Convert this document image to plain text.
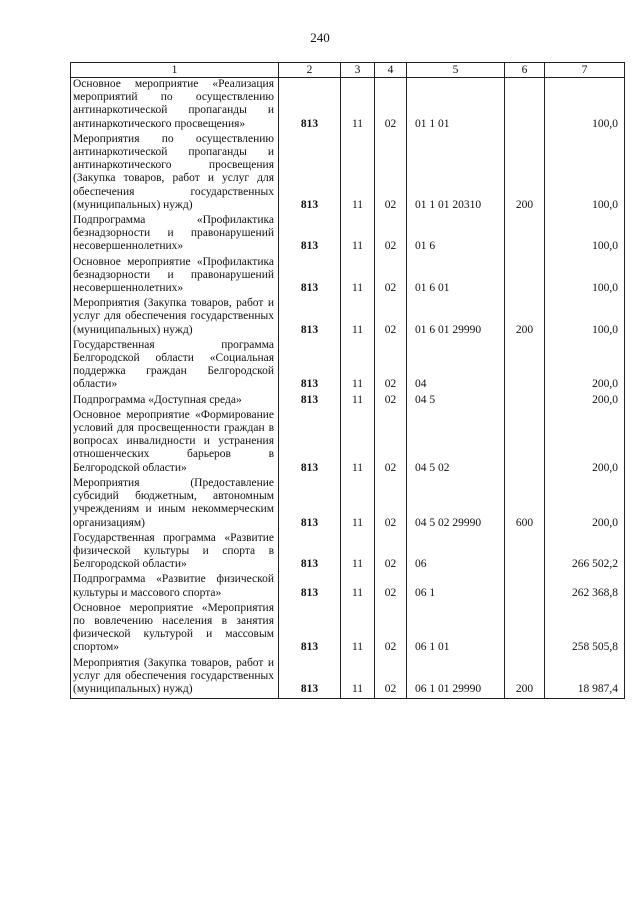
240
1	2	3	4	5	6	7
Основное мероприятие «Реализация мероприятий по осуществлению антинаркотической пропаганды и антинаркотического просвещения»	813	11	02	01 1 01		100,0
Мероприятия по осуществлению антинаркотической пропаганды и антинаркотического просвещения (Закупка товаров, работ и услуг для обеспечения государственных (муниципальных) нужд)	813	11	02	01 1 01 20310	200	100,0
Подпрограмма «Профилактика безнадзорности и правонарушений несовершеннолетних»	813	11	02	01 6		100,0
Основное мероприятие «Профилактика безнадзорности и правонарушений несовершеннолетних»	813	11	02	01 6 01		100,0
Мероприятия (Закупка товаров, работ и услуг для обеспечения государственных (муниципальных) нужд)	813	11	02	01 6 01 29990	200	100,0
Государственная программа Белгородской области «Социальная поддержка граждан Белгородской области»	813	11	02	04		200,0
Подпрограмма «Доступная среда»	813	11	02	04 5		200,0
Основное мероприятие «Формирование условий для просвещенности граждан в вопросах инвалидности и устранения отношенческих барьеров в Белгородской области»	813	11	02	04 5 02		200,0
Мероприятия (Предоставление субсидий бюджетным, автономным учреждениям и иным некоммерческим организациям)	813	11	02	04 5 02 29990	600	200,0
Государственная программа «Развитие физической культуры и спорта в Белгородской области»	813	11	02	06		266 502,2
Подпрограмма «Развитие физической культуры и массового спорта»	813	11	02	06 1		262 368,8
Основное мероприятие «Мероприятия по вовлечению населения в занятия физической культурой и массовым спортом»	813	11	02	06 1 01		258 505,8
Мероприятия (Закупка товаров, работ и услуг для обеспечения государственных (муниципальных) нужд)	813	11	02	06 1 01 29990	200	18 987,4
